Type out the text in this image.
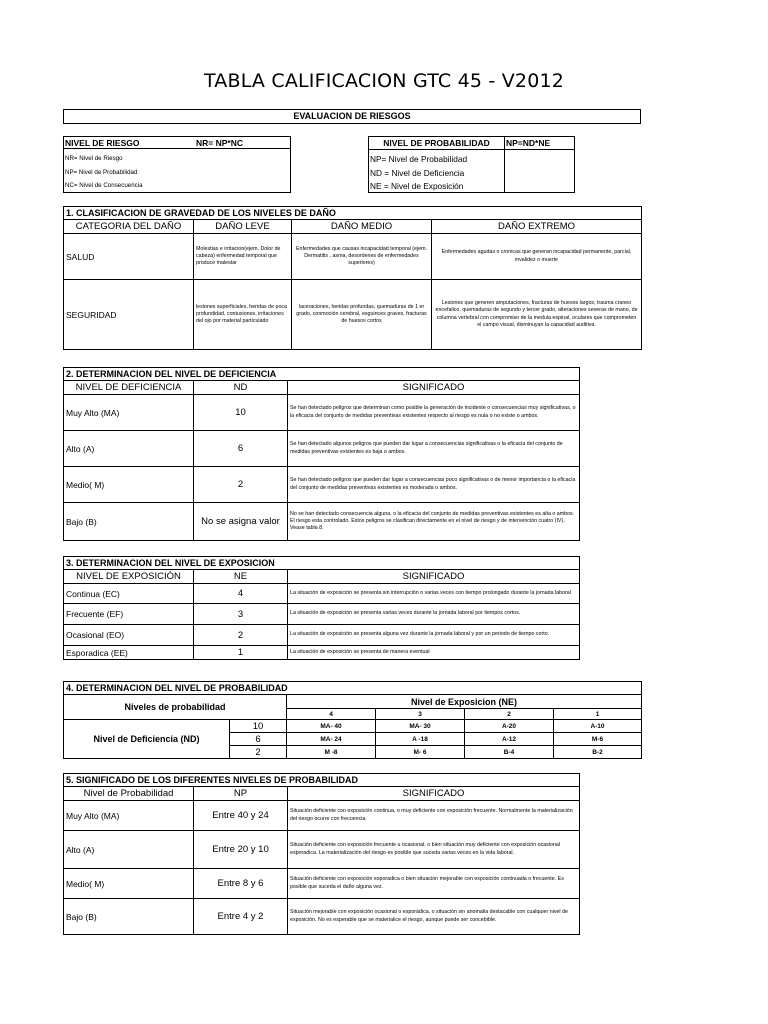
TABLA CALIFICACION GTC 45 - V2012
EVALUACION DE RIESGOS
NIVEL DE RIESGO	NR= NP*NC
NR= Nivel de Riesgo
NP= Nivel de Probabilidad
NC= Nivel de Consecuencia
NIVEL DE PROBABILIDAD	NP=ND*NE
NP= Nivel de Probabilidad
ND = Nivel de Deficiencia
NE = Nivel de Exposición
1. CLASIFICACION DE GRAVEDAD DE LOS NIVELES DE DAÑO			
CATEGORIA DEL DAÑO	DAÑO LEVE	DAÑO MEDIO	DAÑO EXTREMO
SALUD	Molestias e irritacion(ejem. Dolor de cabeza) enfermedad temporal que produce malestar	Enfermedades que causas incapacidad temporal (ejem. Dermatitis , asma, desordenes de enfermedades superiores)	Enfermedades agudas o cronicas que generan incapacidad permanente, parcial, invalidez o muerte
SEGURIDAD	lesiones superficiales, heridas de poca profundidad, contusiones, irritaciones del ojo por material particulado	laceraciones, heridas profundas, quemaduras de 1 er grado, conmoción cerebral, esguinces graves, fracturas de huesos cortos	Lesiones que generen amputaciones, fracturas de huesos largos, trauma craneo encefalico, quemaduras de segundo y tercer grado, alteraciones severas de mano, de columna vertebral con compromiso de la medula espinal, oculares que comprometen el campo visual, disminuyan la capacidad auditiva.
2. DETERMINACION DEL NIVEL DE DEFICIENCIA		
NIVEL DE DEFICIENCIA	ND	SIGNIFICADO
Muy Alto (MA)	10	Se han detectado peligros que determinan como posible la generación de incidente o consecuencias muy significativas, o la eficacia del conjunto de medidas preventivas existentes respecto al riesgo es nula o no existe o ambos.
Alto (A)	6	Se han detectado algunos peligros que pueden dar lugar a consecuencias significativas o la eficacia del conjunto de medidas preventivas existentes es baja o ambos.
Medio( M)	2	Se han detectado peligros que pueden dar lugar a consecuencias poco significativas o de menor importancia o la eficacia del conjunto de medidas preventivas existentes es moderada o ambos.
Bajo (B)	No se asigna valor	No se han detectado consecuencia alguna, o la eficacia del conjunto de medidas preventivas existentes es alta o ambos. El riesgo esta controlado. Estos peligros se clasifican directamente en el nivel de riesgo y de intervención cuatro (IV). Vease tabla 8.
3. DETERMINACION DEL NIVEL DE EXPOSICION		
NIVEL DE EXPOSICIÓN	NE	SIGNIFICADO
Continua (EC)	4	La situación de exposición se presenta sin interrupción o varias veces con tiempo prolongado durante la jornada laboral
Frecuente (EF)	3	La situación de exposición se presenta varias veces durante la jornada laboral por tiempos cortos.
Ocasional (EO)	2	La situación de exposición se presenta alguna vez durante la jornada laboral y por un periodo de tiempo corto.
Esporadica (EE)	1	La situación de exposición se presenta de manera eventual
4. DETERMINACION DEL NIVEL DE PROBABILIDAD					
Niveles de probabilidad		Nivel de Exposicion (NE)			
		4	3	2	1
Nivel de Deficiencia (ND)	10	MA- 40	MA- 30	A-20	A-10
	6	MA- 24	A -18	A-12	M-6
	2	M -8	M- 6	B-4	B-2
5. SIGNIFICADO DE LOS DIFERENTES NIVELES DE PROBABILIDAD		
Nivel de Probabilidad	NP	SIGNIFICADO
Muy Alto (MA)	Entre 40 y 24	Situación deficiente con exposición continua, o muy deficiente con exposición frecuente. Normalmente la materialización del riesgo ocurre con frecuencia.
Alto (A)	Entre 20 y 10	Situación deficiente con exposición frecuente u ocasional, o bien situación muy deficiente con exposición ocasional esporadica. La materialización del riesgo es posible que suceda varias veces en la vida laboral.
Medio( M)	Entre 8 y 6	Situación deficiente con exposición esporadica o bien situación mejorable con exposición continuada o frecuente. Es posible que suceda el daño alguna vez.
Bajo (B)	Entre 4 y 2	Situación mejorable con exposición ocasional o esporádica, o situación sin anomalia destacable con cualquier nivel de exposición. No es esperable que se materialice el riesgo, aunque puede ser concebible.
